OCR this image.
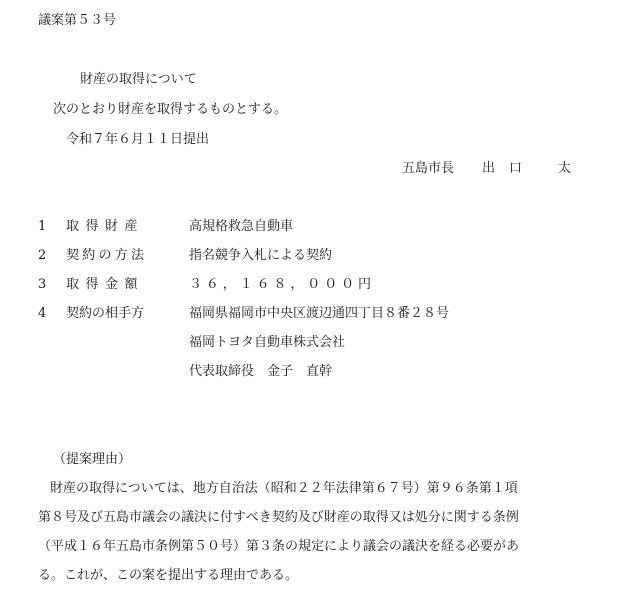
議案第５３号
財産の取得について
次のとおり財産を取得するものとする。
令和７年６月１１日提出
五島市長 出 口	太
1 取得財産	高規格救急自動車
2 契約の方法	指名競争入札による契約
3 取得金額	３６，１６８，０００円
4 契約の相手方	福岡県福岡市中央区渡辺通四丁目８番２８号
福岡トヨタ自動車株式会社
代表取締役　金子　直幹
（提案理由）
財産の取得については、地方自治法（昭和２２年法律第６７号）第９６条第１項
第８号及び五島市議会の議決に付すべき契約及び財産の取得又は処分に関する条例
（平成１６年五島市条例第５０号）第３条の規定により議会の議決を経る必要があ
る。これが、この案を提出する理由である。
